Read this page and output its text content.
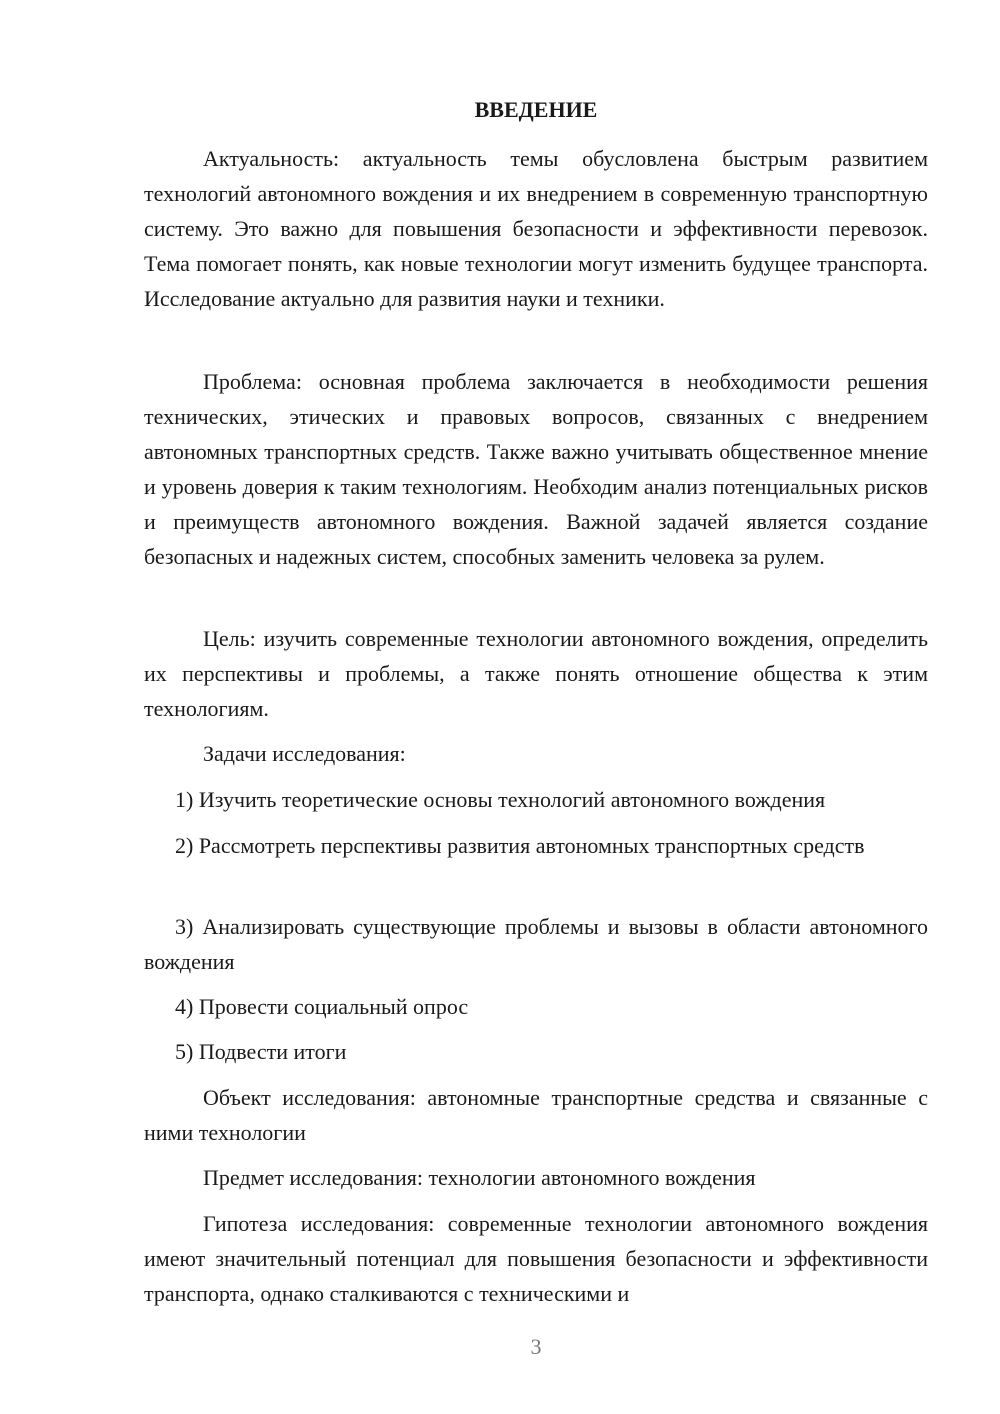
ВВЕДЕНИЕ

Актуальность: актуальность темы обусловлена быстрым развитием технологий автономного вождения и их внедрением в современную транспортную систему. Это важно для повышения безопасности и эффективности перевозок. Тема помогает понять, как новые технологии могут изменить будущее транспорта. Исследование актуально для развития науки и техники.

Проблема: основная проблема заключается в необходимости решения технических, этических и правовых вопросов, связанных с внедрением автономных транспортных средств. Также важно учитывать общественное мнение и уровень доверия к таким технологиям. Необходим анализ потенциальных рисков и преимуществ автономного вождения. Важной задачей является создание безопасных и надежных систем, способных заменить человека за рулем.

Цель: изучить современные технологии автономного вождения, определить их перспективы и проблемы, а также понять отношение общества к этим технологиям.

Задачи исследования:

1) Изучить теоретические основы технологий автономного вождения

2) Рассмотреть перспективы развития автономных транспортных средств

3) Анализировать существующие проблемы и вызовы в области автономного вождения

4) Провести социальный опрос

5) Подвести итоги

Объект исследования: автономные транспортные средства и связанные с ними технологии

Предмет исследования: технологии автономного вождения

Гипотеза исследования: современные технологии автономного вождения имеют значительный потенциал для повышения безопасности и эффективности транспорта, однако сталкиваются с техническими и

3
